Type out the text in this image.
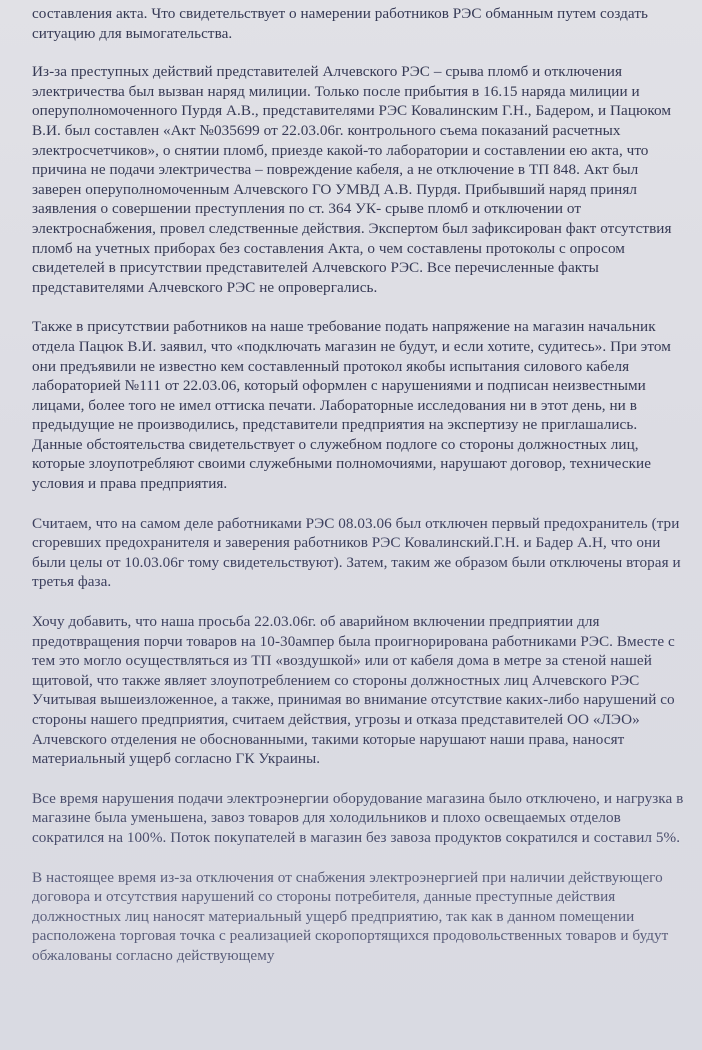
составления акта. Что свидетельствует о намерении работников РЭС обманным путем создать ситуацию для вымогательства.

Из-за преступных действий представителей Алчевского РЭС – срыва пломб и отключения электричества был вызван наряд милиции. Только после прибытия в 16.15 наряда милиции и оперуполномоченного Пурдя А.В., представителями РЭС Ковалинским Г.Н., Бадером, и Пацюком В.И. был составлен «Акт №035699 от 22.03.06г. контрольного съема показаний расчетных электросчетчиков», о снятии пломб, приезде какой-то лаборатории и составлении ею акта, что причина не подачи электричества – повреждение кабеля, а не отключение в ТП 848. Акт был заверен оперуполномоченным Алчевского ГО УМВД А.В. Пурдя. Прибывший наряд принял заявления о совершении преступления по ст. 364 УК- срыве пломб и отключении от электроснабжения, провел следственные действия. Экспертом был зафиксирован факт отсутствия пломб на учетных приборах без составления Акта, о чем составлены протоколы с опросом свидетелей в присутствии представителей Алчевского РЭС. Все перечисленные факты представителями Алчевского РЭС не опровергались.

Также в присутствии работников на наше требование подать напряжение на магазин начальник отдела Пацюк В.И. заявил, что «подключать магазин не будут, и если хотите, судитесь». При этом они предъявили не известно кем составленный протокол якобы испытания силового кабеля лабораторией №111 от 22.03.06, который оформлен с нарушениями и подписан неизвестными лицами, более того не имел оттиска печати. Лабораторные исследования ни в этот день, ни в предыдущие не производились, представители предприятия на экспертизу не приглашались. Данные обстоятельства свидетельствует о служебном подлоге со стороны должностных лиц, которые злоупотребляют своими служебными полномочиями, нарушают договор, технические условия и права предприятия.

Считаем, что на самом деле работниками РЭС 08.03.06 был отключен первый предохранитель (три сгоревших предохранителя и заверения работников РЭС Ковалинский.Г.Н. и Бадер А.Н, что они были целы от 10.03.06г тому свидетельствуют). Затем, таким же образом были отключены вторая и третья фаза.

Хочу добавить, что наша просьба 22.03.06г. об аварийном включении предприятии для предотвращения порчи товаров на 10-30ампер была проигнорирована работниками РЭС. Вместе с тем это могло осуществляться из ТП «воздушкой» или от кабеля дома в метре за стеной нашей щитовой, что также являет злоупотреблением со стороны должностных лиц Алчевского РЭС Учитывая вышеизложенное, а также, принимая во внимание отсутствие каких-либо нарушений со стороны нашего предприятия, считаем действия, угрозы и отказа представителей ОО «ЛЭО» Алчевского отделения не обоснованными, такими которые нарушают наши права, наносят материальный ущерб согласно ГК Украины.

Все время нарушения подачи электроэнергии оборудование магазина было отключено, и нагрузка в магазине была уменьшена, завоз товаров для холодильников и плохо освещаемых отделов сократился на 100%. Поток покупателей в магазин без завоза продуктов сократился и составил 5%.

В настоящее время из-за отключения от снабжения электроэнергией при наличии действующего договора и отсутствия нарушений со стороны потребителя, данные преступные действия должностных лиц наносят материальный ущерб предприятию, так как в данном помещении расположена торговая точка с реализацией скоропортящихся продовольственных товаров и будут обжалованы согласно действующему
